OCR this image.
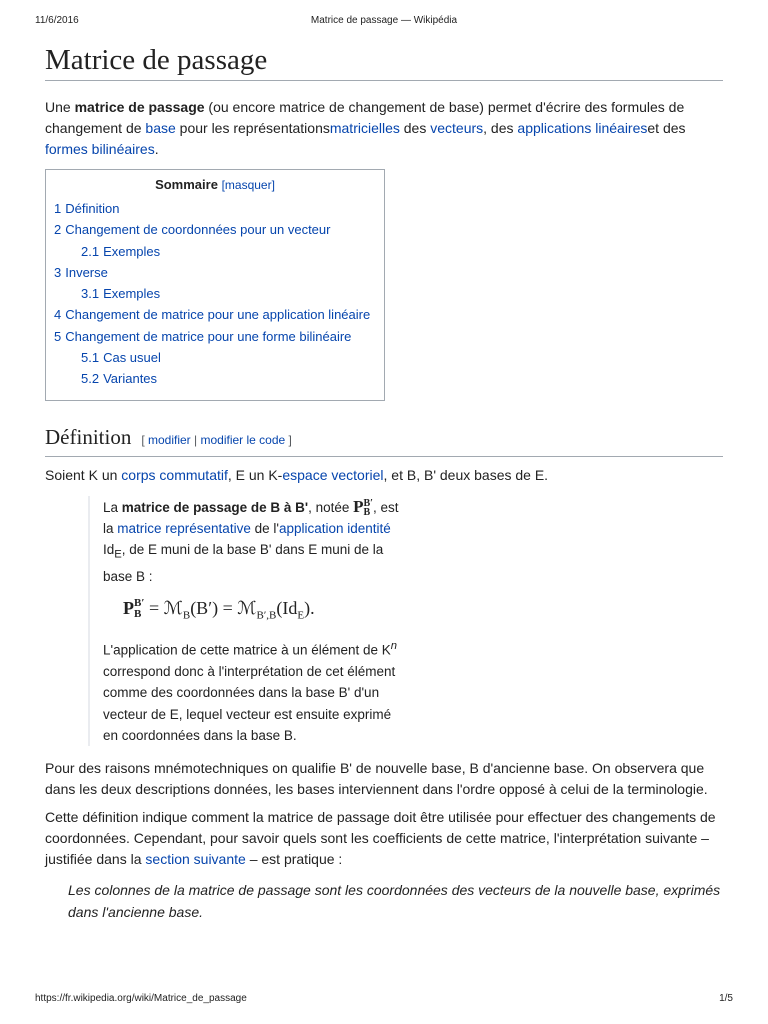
11/6/2016	Matrice de passage — Wikipédia
Matrice de passage

Une matrice de passage (ou encore matrice de changement de base) permet d'écrire des formules de changement de base pour les représentationsmatricielles des vecteurs, des applications linéaireset des formes bilinéaires.

Sommaire [masquer]
1 Définition
2 Changement de coordonnées pour un vecteur
2.1 Exemples
3 Inverse
3.1 Exemples
4 Changement de matrice pour une application linéaire
5 Changement de matrice pour une forme bilinéaire
5.1 Cas usuel
5.2 Variantes
Définition [ modifier | modifier le code ]

Soient K un corps commutatif, E un K-espace vectoriel, et B, B' deux bases de E.

La matrice de passage de B à B', notée PB′
B , est la matrice représentative de l'application identité $Id_E$, de E muni de la base B' dans E muni de la base B :
PB′
B = ℳ$_B$(B′) = $ℳ_{B',B}(Id_E)$.
L'application de cette matrice à un élément de $K^n$ correspond donc à l'interprétation de cet élément comme des coordonnées dans la base B' d'un vecteur de E, lequel vecteur est ensuite exprimé en coordonnées dans la base B.

Pour des raisons mnémotechniques on qualifie B' de nouvelle base, B d'ancienne base. On observera que dans les deux descriptions données, les bases interviennent dans l'ordre opposé à celui de la terminologie.

Cette définition indique comment la matrice de passage doit être utilisée pour effectuer des changements de coordonnées. Cependant, pour savoir quels sont les coefficients de cette matrice, l'interprétation suivante – justifiée dans la section suivante – est pratique :

Les colonnes de la matrice de passage sont les coordonnées des vecteurs de la nouvelle base, exprimés dans l'ancienne base.

https://fr.wikipedia.org/wiki/Matrice_de_passage	1/5
